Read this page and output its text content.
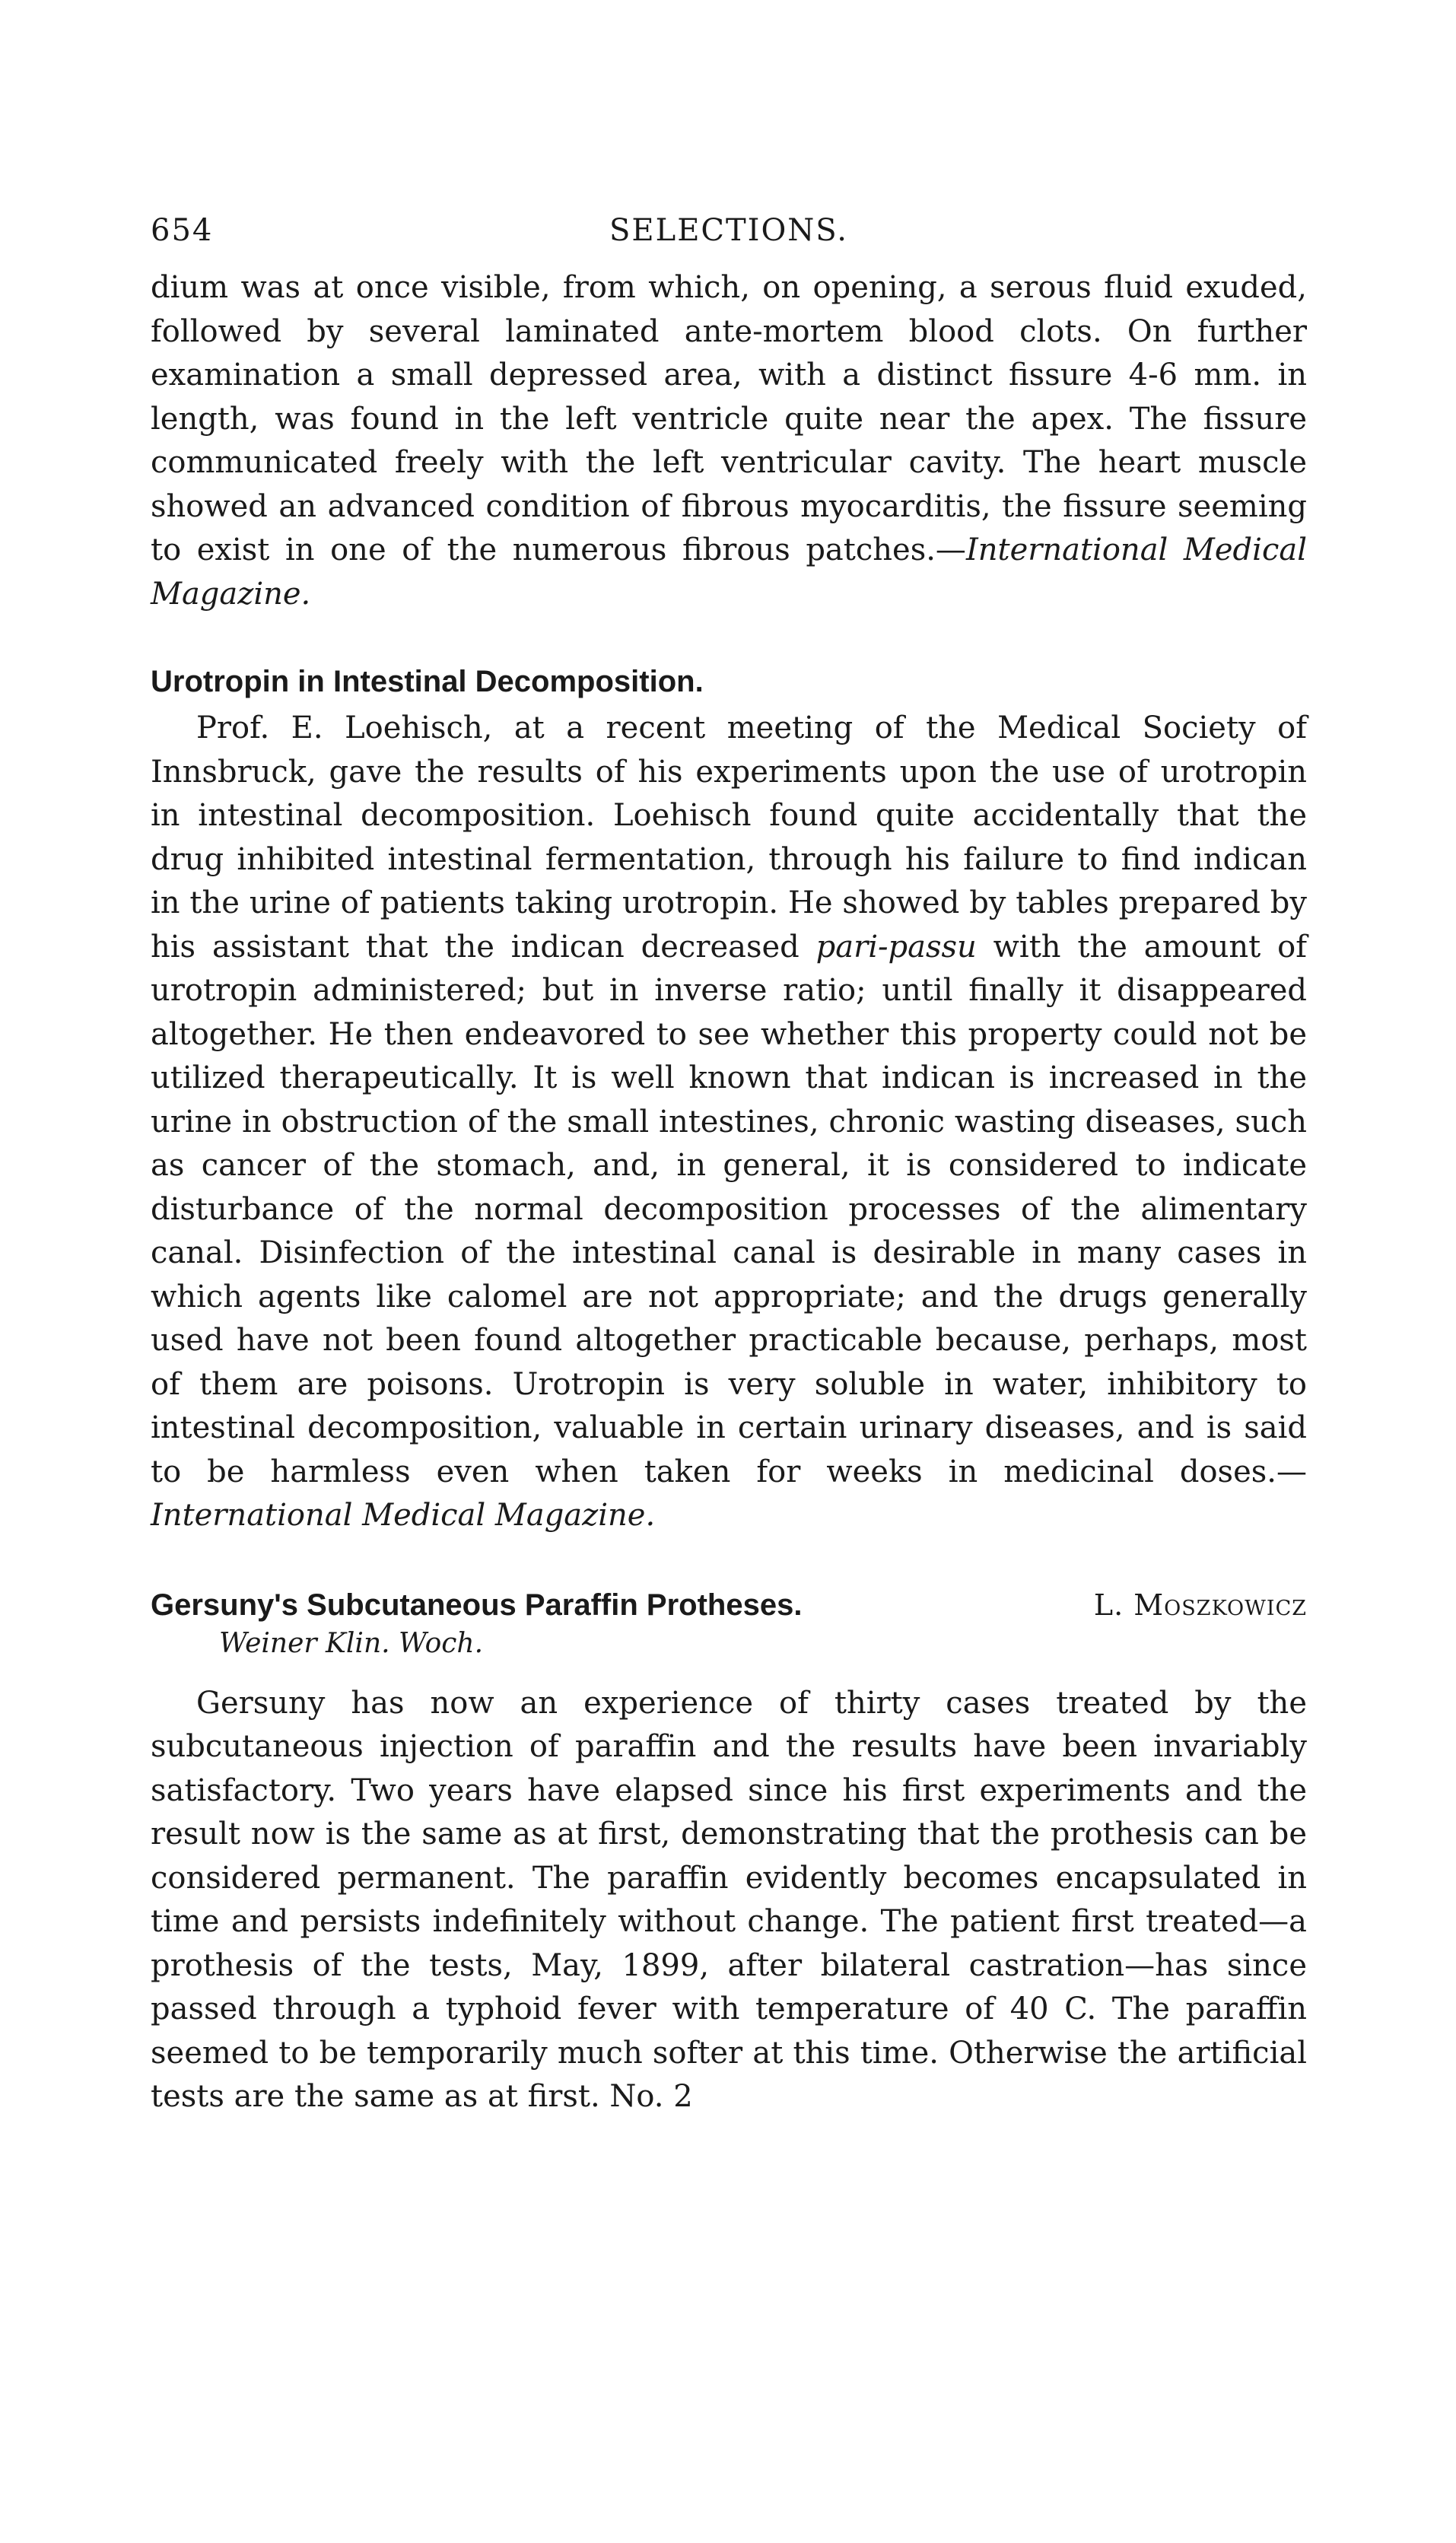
654	SELECTIONS.

dium was at once visible, from which, on opening, a serous fluid exuded, followed by several laminated ante-mortem blood clots. On further examination a small depressed area, with a distinct fissure 4-6 mm. in length, was found in the left ventricle quite near the apex. The fissure communicated freely with the left ventricular cavity. The heart muscle showed an advanced condition of fibrous myocarditis, the fissure seeming to exist in one of the numerous fibrous patches.—International Medical Magazine.

Urotropin in Intestinal Decomposition.

Prof. E. Loehisch, at a recent meeting of the Medical Society of Innsbruck, gave the results of his experiments upon the use of urotropin in intestinal decomposition. Loehisch found quite accidentally that the drug inhibited intestinal fermentation, through his failure to find indican in the urine of patients taking urotropin. He showed by tables prepared by his assistant that the indican decreased pari-passu with the amount of urotropin administered; but in inverse ratio; until finally it disappeared altogether. He then endeavored to see whether this property could not be utilized therapeutically. It is well known that indican is increased in the urine in obstruction of the small intestines, chronic wasting diseases, such as cancer of the stomach, and, in general, it is considered to indicate disturbance of the normal decomposition processes of the alimentary canal. Disinfection of the intestinal canal is desirable in many cases in which agents like calomel are not appropriate; and the drugs generally used have not been found altogether practicable because, perhaps, most of them are poisons. Urotropin is very soluble in water, inhibitory to intestinal decomposition, valuable in certain urinary diseases, and is said to be harmless even when taken for weeks in medicinal doses.—International Medical Magazine.

Gersuny's Subcutaneous Paraffin Protheses.	L. Moszkowicz
Weiner Klin. Woch.

Gersuny has now an experience of thirty cases treated by the subcutaneous injection of paraffin and the results have been invariably satisfactory. Two years have elapsed since his first experiments and the result now is the same as at first, demonstrating that the prothesis can be considered permanent. The paraffin evidently becomes encapsulated in time and persists indefinitely without change. The patient first treated—a prothesis of the tests, May, 1899, after bilateral castration—has since passed through a typhoid fever with temperature of 40 C. The paraffin seemed to be temporarily much softer at this time. Otherwise the artificial tests are the same as at first. No. 2
